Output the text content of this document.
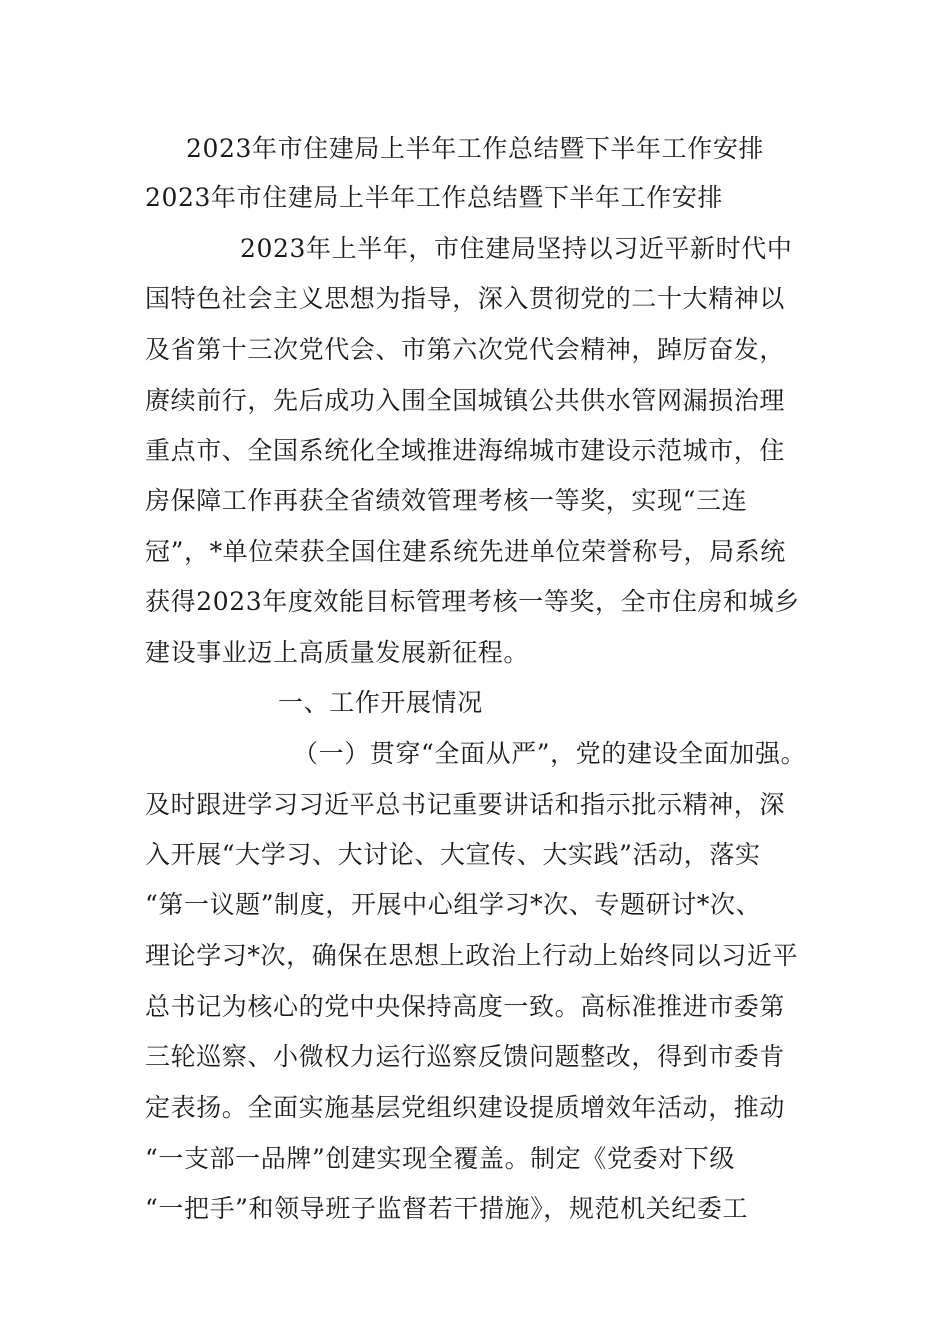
2023年市住建局上半年工作总结暨下半年工作安排
2023年市住建局上半年工作总结暨下半年工作安排
2023年上半年，市住建局坚持以习近平新时代中
国特色社会主义思想为指导，深入贯彻党的二十大精神以
及省第十三次党代会、市第六次党代会精神，踔厉奋发，
赓续前行，先后成功入围全国城镇公共供水管网漏损治理
重点市、全国系统化全域推进海绵城市建设示范城市，住
房保障工作再获全省绩效管理考核一等奖，实现“三连
冠”，*单位荣获全国住建系统先进单位荣誉称号，局系统
获得2023年度效能目标管理考核一等奖，全市住房和城乡
建设事业迈上高质量发展新征程。
一、工作开展情况
（一）贯穿“全面从严”，党的建设全面加强。
及时跟进学习习近平总书记重要讲话和指示批示精神，深
入开展“大学习、大讨论、大宣传、大实践”活动，落实
“第一议题”制度，开展中心组学习*次、专题研讨*次、
理论学习*次，确保在思想上政治上行动上始终同以习近平
总书记为核心的党中央保持高度一致。高标准推进市委第
三轮巡察、小微权力运行巡察反馈问题整改，得到市委肯
定表扬。全面实施基层党组织建设提质增效年活动，推动
“一支部一品牌”创建实现全覆盖。制定《党委对下级
“一把手”和领导班子监督若干措施》，规范机关纪委工
